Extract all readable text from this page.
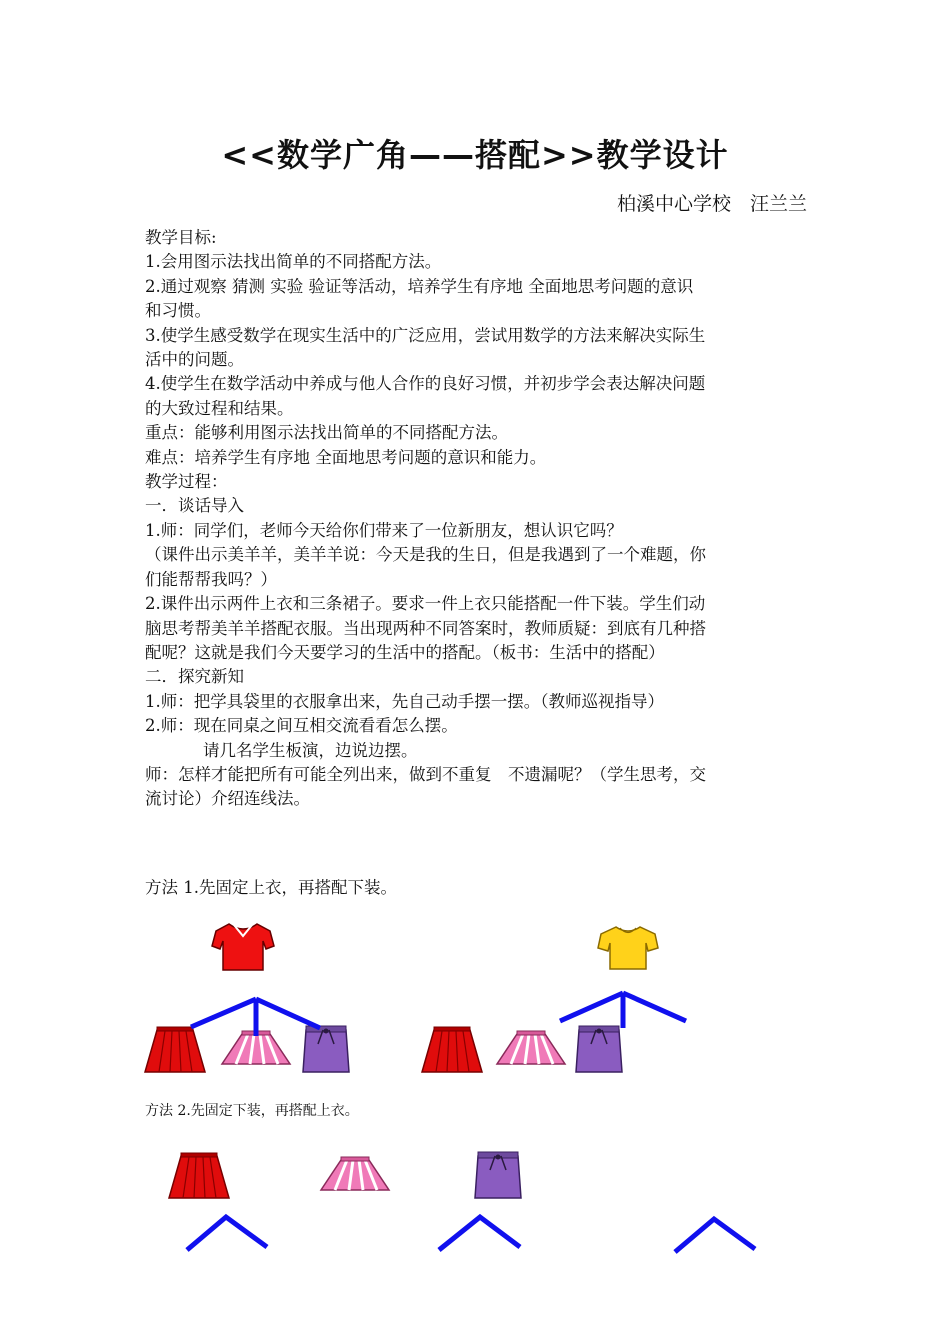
<<数学广角——搭配>>教学设计
柏溪中心学校　汪兰兰

教学目标:

1.会用图示法找出简单的不同搭配方法。

2.通过观察 猜测 实验 验证等活动，培养学生有序地 全面地思考问题的意识

和习惯。

3.使学生感受数学在现实生活中的广泛应用，尝试用数学的方法来解决实际生

活中的问题。

4.使学生在数学活动中养成与他人合作的良好习惯，并初步学会表达解决问题

的大致过程和结果。

重点：能够利用图示法找出简单的不同搭配方法。

难点：培养学生有序地 全面地思考问题的意识和能力。

教学过程：

一．谈话导入

1.师：同学们，老师今天给你们带来了一位新朋友，想认识它吗？

（课件出示美羊羊，美羊羊说：今天是我的生日，但是我遇到了一个难题，你

们能帮帮我吗？）

2.课件出示两件上衣和三条裙子。要求一件上衣只能搭配一件下装。学生们动

脑思考帮美羊羊搭配衣服。当出现两种不同答案时，教师质疑：到底有几种搭

配呢？这就是我们今天要学习的生活中的搭配。（板书：生活中的搭配）

二．探究新知

1.师：把学具袋里的衣服拿出来，先自己动手摆一摆。（教师巡视指导）

2.师：现在同桌之间互相交流看看怎么摆。

请几名学生板演，边说边摆。

师：怎样才能把所有可能全列出来，做到不重复　不遗漏呢？（学生思考，交

流讨论）介绍连线法。

方法 1.先固定上衣，再搭配下装。
方法 2.先固定下装，再搭配上衣。
